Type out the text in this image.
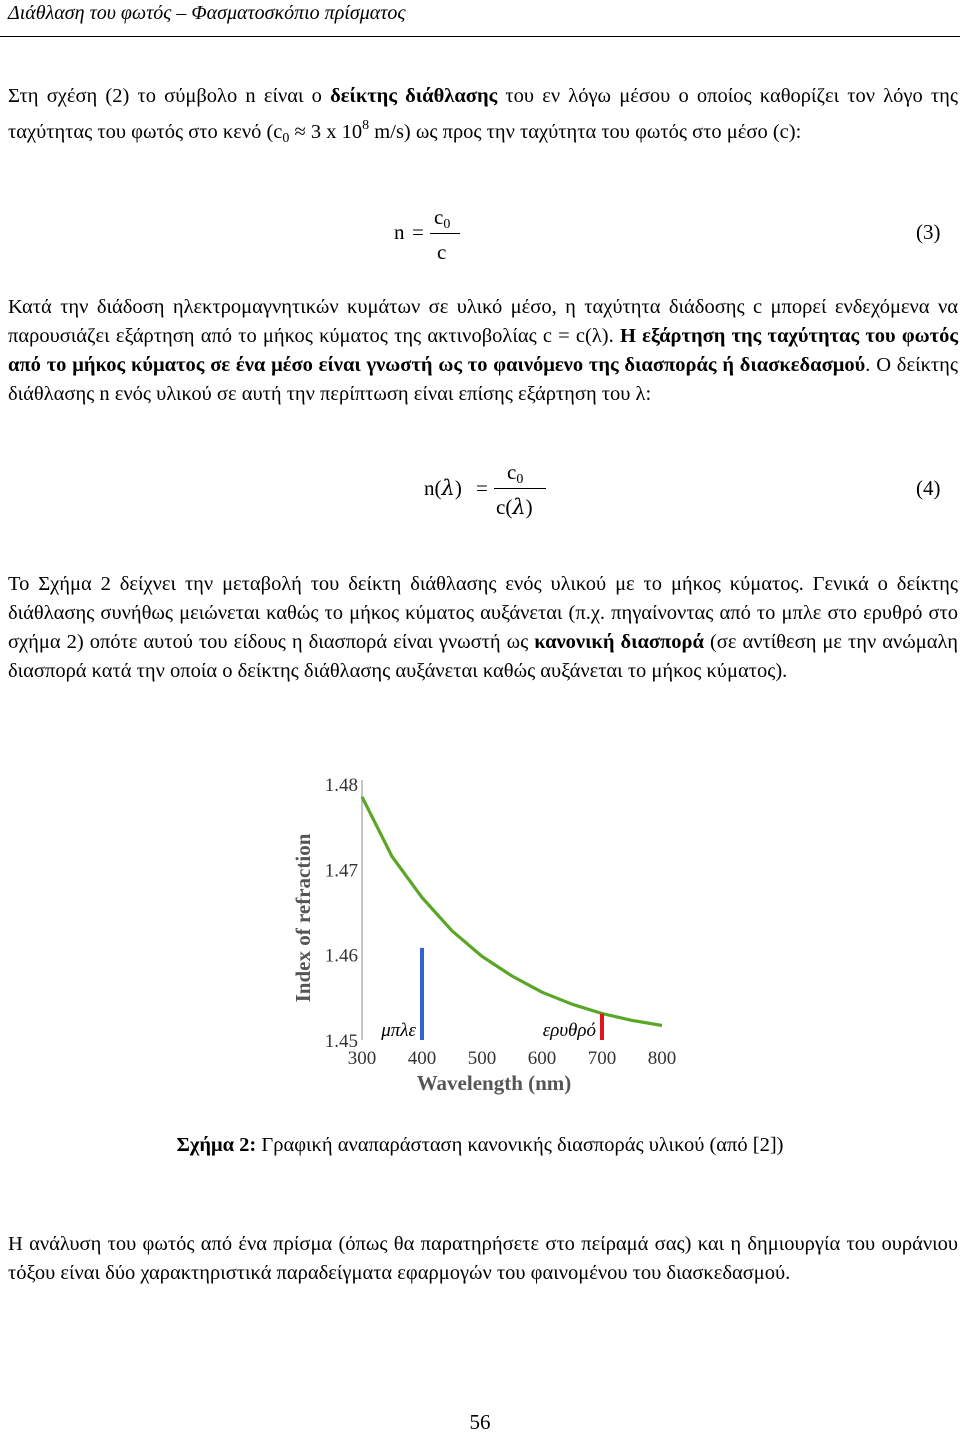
Διάθλαση του φωτός – Φασματοσκόπιο πρίσματος
Στη σχέση (2) το σύμβολο n είναι ο δείκτης διάθλασης του εν λόγω μέσου ο οποίος καθορίζει τον λόγο της ταχύτητας του φωτός στο κενό ($c_0 \approx 3$ x $10^8$ m/s) ως προς την ταχύτητα του φωτός στο μέσο (c):
n =
$c_0$
c
(3)
Κατά την διάδοση ηλεκτρομαγνητικών κυμάτων σε υλικό μέσο, η ταχύτητα διάδοσης c μπορεί ενδεχόμενα να παρουσιάζει εξάρτηση από το μήκος κύματος της ακτινοβολίας c = c(λ). Η εξάρτηση της ταχύτητας του φωτός από το μήκος κύματος σε ένα μέσο είναι γνωστή ως το φαινόμενο της διασποράς ή διασκεδασμού. Ο δείκτης διάθλασης n ενός υλικού σε αυτή την περίπτωση είναι επίσης εξάρτηση του λ:
n(λ) =
$c_0$
c(λ)
(4)
Το Σχήμα 2 δείχνει την μεταβολή του δείκτη διάθλασης ενός υλικού με το μήκος κύματος. Γενικά ο δείκτης διάθλασης συνήθως μειώνεται καθώς το μήκος κύματος αυξάνεται (π.χ. πηγαίνοντας από το μπλε στο ερυθρό στο σχήμα 2) οπότε αυτού του είδους η διασπορά είναι γνωστή ως κανονική διασπορά (σε αντίθεση με την ανώμαλη διασπορά κατά την οποία ο δείκτης διάθλασης αυξάνεται καθώς αυξάνεται το μήκος κύματος).
μπλε	ερυθρό
1.45
1.46
1.47
1.48
300 400 500 600 700 800
Index of refraction
Wavelength (nm)
Σχήμα 2: Γραφική αναπαράσταση κανονικής διασποράς υλικού (από [2])
Η ανάλυση του φωτός από ένα πρίσμα (όπως θα παρατηρήσετε στο πείραμά σας) και η δημιουργία του ουράνιου τόξου είναι δύο χαρακτηριστικά παραδείγματα εφαρμογών του φαινομένου του διασκεδασμού.
56
